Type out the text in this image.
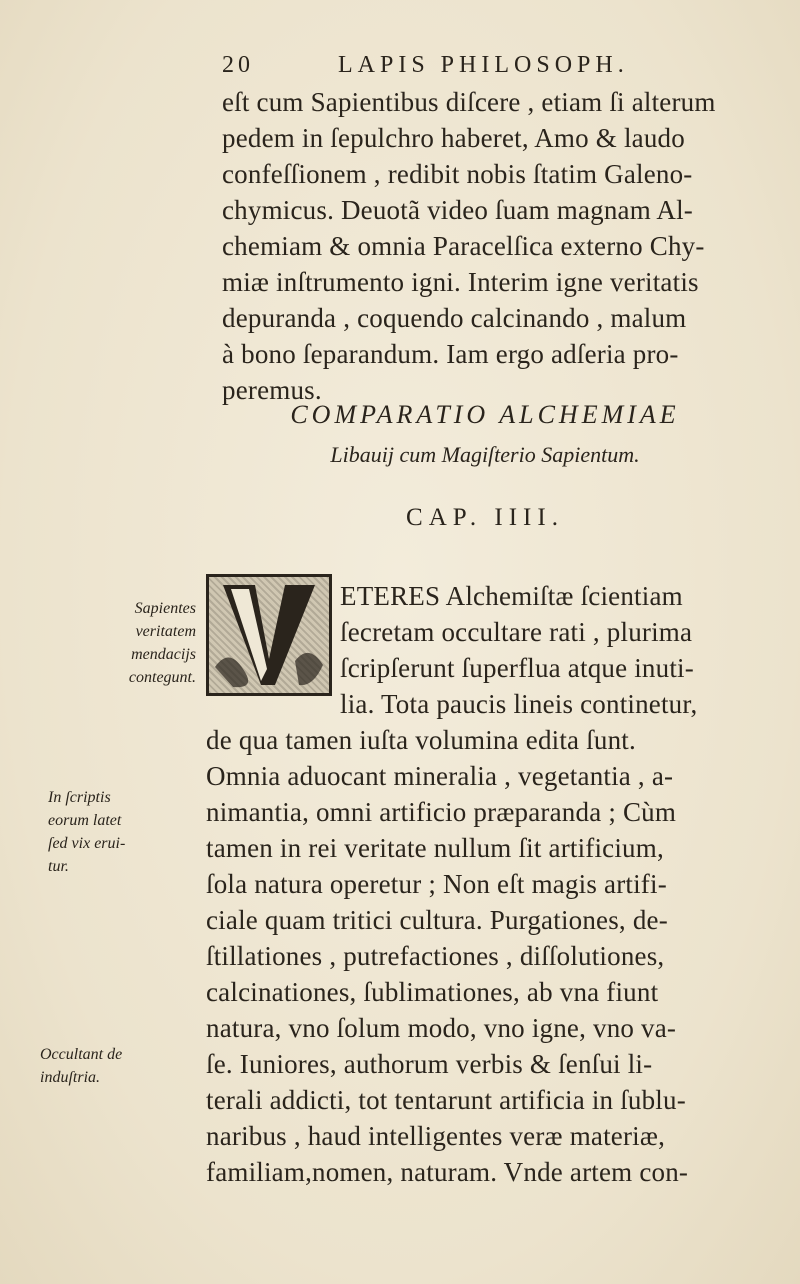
20	LAPIS PHILOSOPH.
eſt cum Sapientibus diſcere , etiam ſi alterum
pedem in ſepulchro haberet, Amo & laudo
confeſſionem , redibit nobis ſtatim Galeno-
chymicus. Deuotã video ſuam magnam Al-
chemiam & omnia Paracelſica externo Chy-
miæ inſtrumento igni. Interim igne veritatis
depuranda , coquendo calcinando , malum
à bono ſeparandum. Iam ergo adſeria pro-
peremus.
COMPARATIO ALCHEMIAE
Libauij cum Magiſterio Sapientum.
CAP. IIII.
ETERES Alchemiſtæ ſcientiam
ſecretam occultare rati , plurima
ſcripſerunt ſuperflua atque inuti-
lia. Tota paucis lineis continetur,
de qua tamen iuſta volumina edita ſunt.
Omnia aduocant mineralia , vegetantia , a-
nimantia, omni artificio præparanda ; Cùm
tamen in rei veritate nullum ſit artificium,
ſola natura operetur ; Non eſt magis artifi-
ciale quam tritici cultura. Purgationes, de-
ſtillationes , putrefactiones , diſſolutiones,
calcinationes, ſublimationes, ab vna fiunt
natura, vno ſolum modo, vno igne, vno va-
ſe. Iuniores, authorum verbis & ſenſui li-
terali addicti, tot tentarunt artificia in ſublu-
naribus , haud intelligentes veræ materiæ,
familiam,nomen, naturam. Vnde artem con-
Sapientes
veritatem
mendacijs
contegunt.
In ſcriptis
eorum latet
ſed vix erui-
tur.
Occultant de
induſtria.
